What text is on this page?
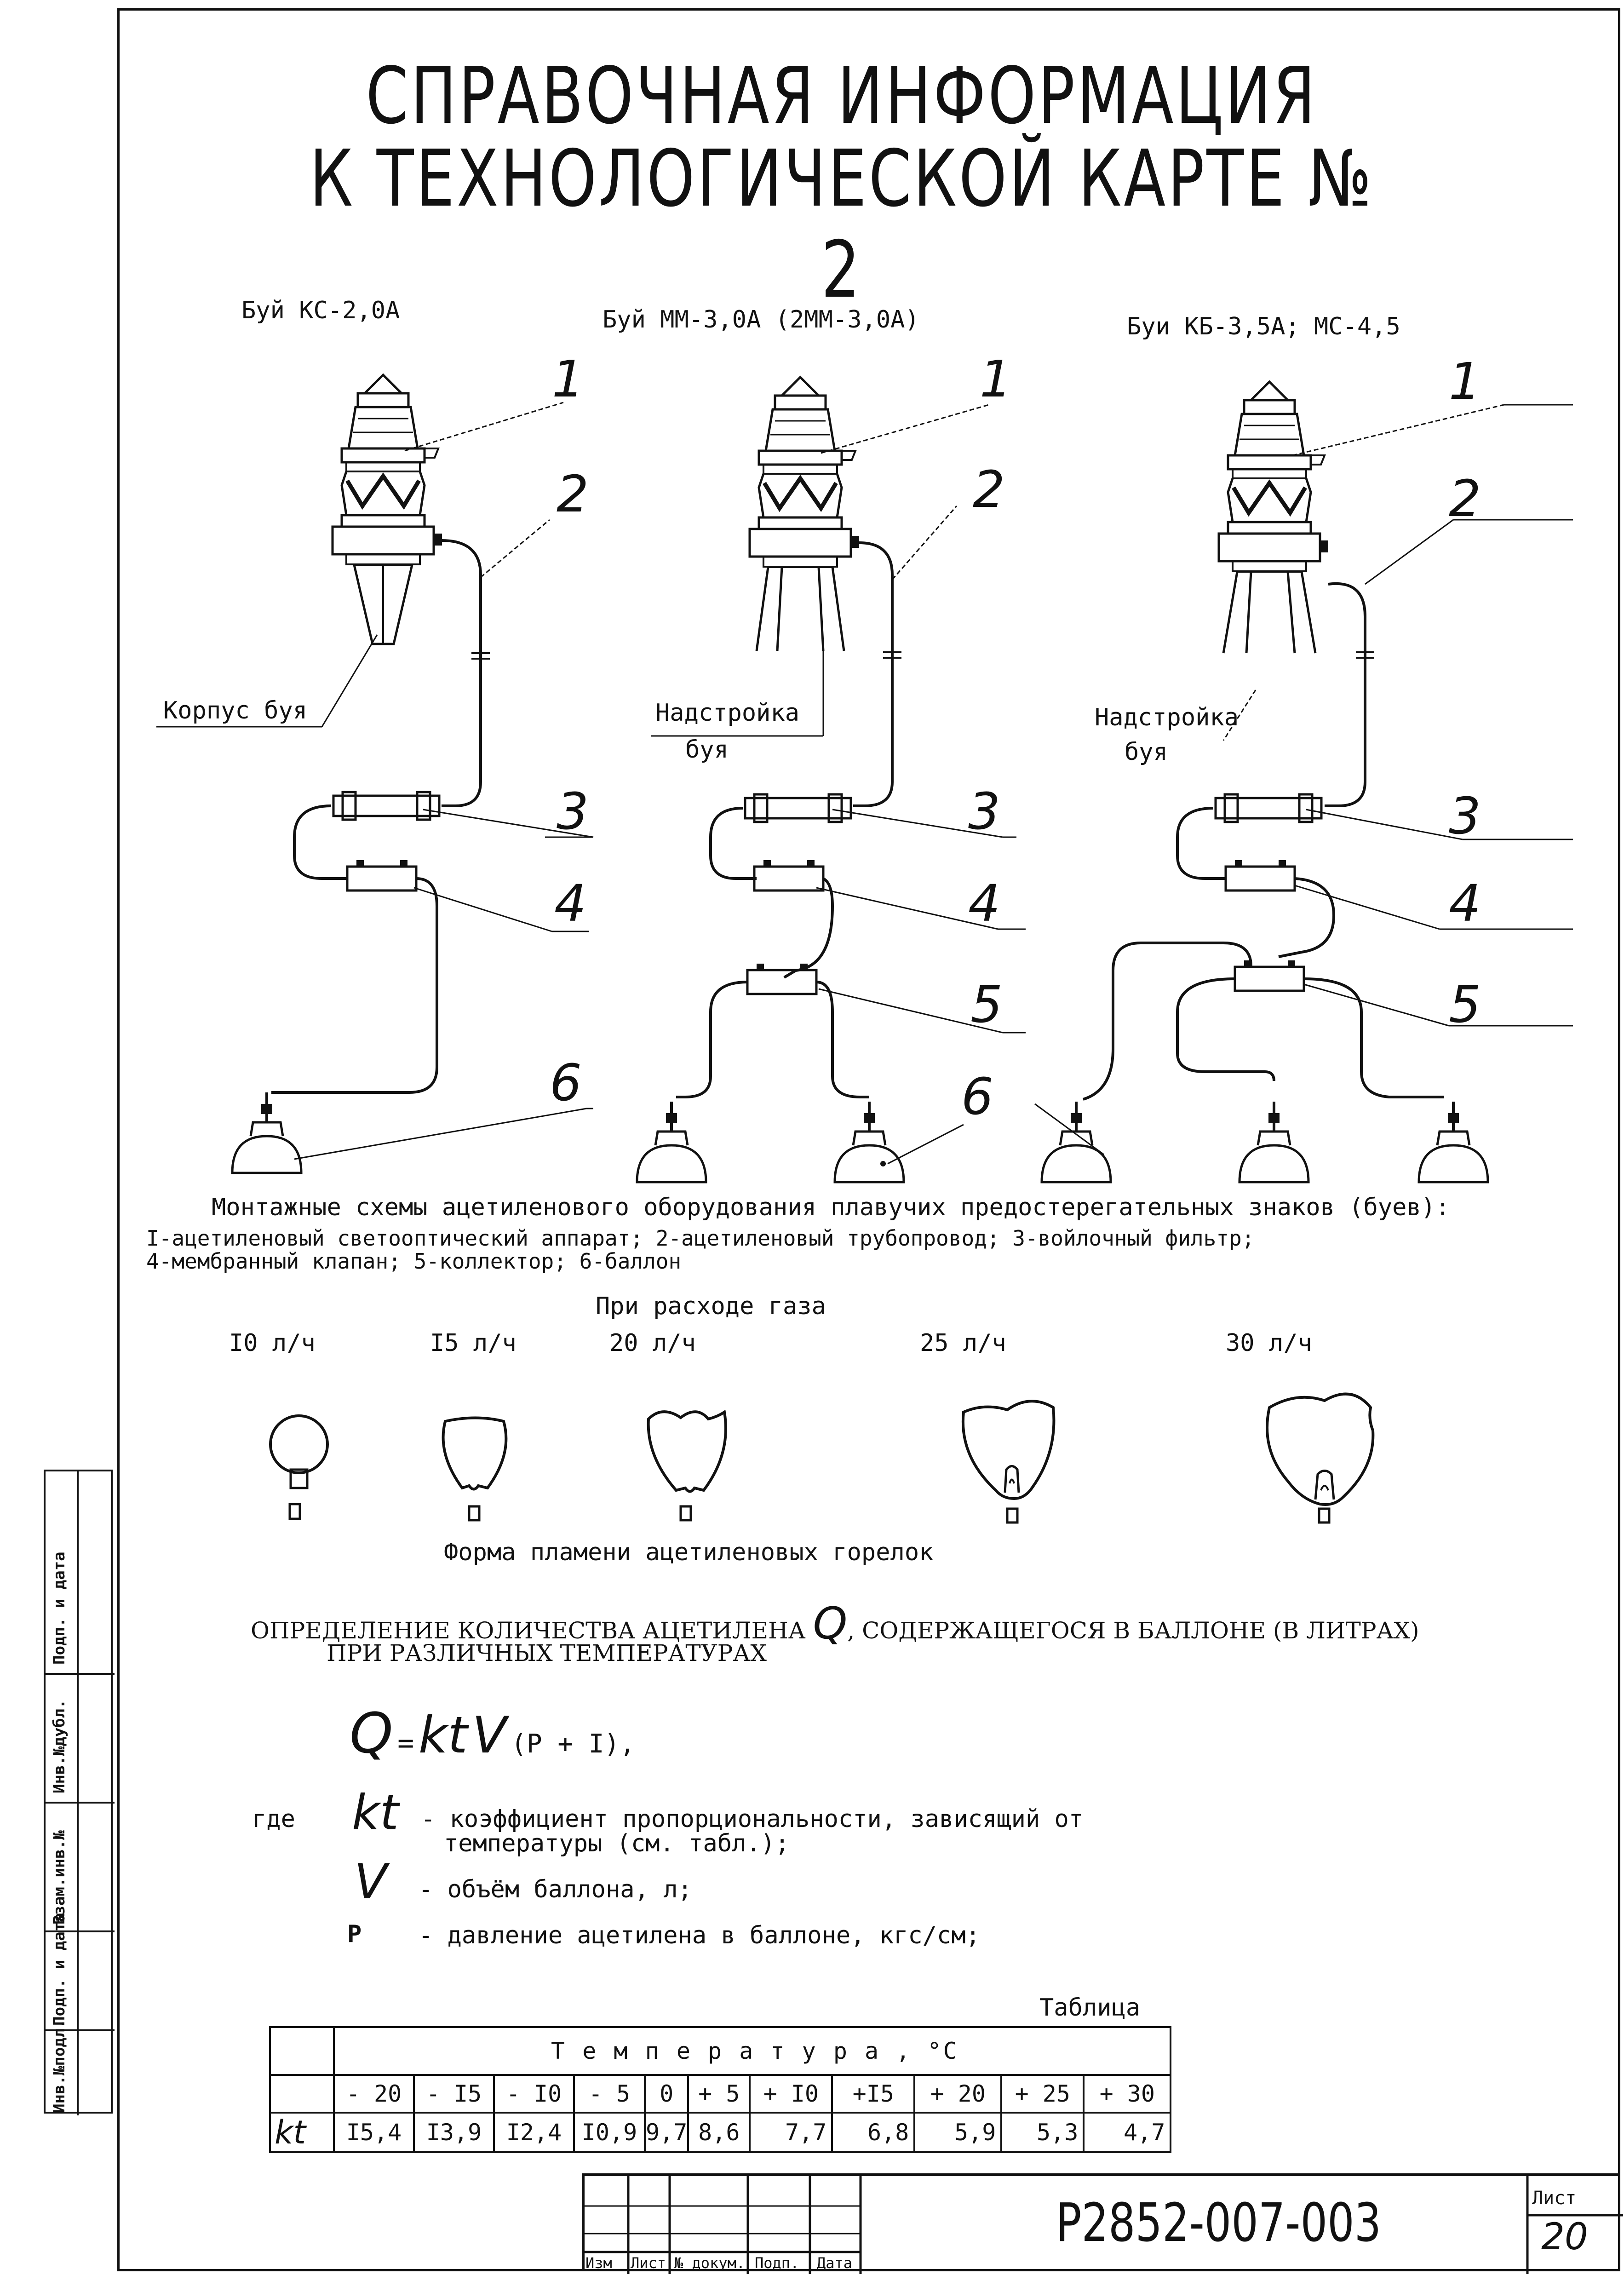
СПРАВОЧНАЯ ИНФОРМАЦИЯ
К ТЕХНОЛОГИЧЕСКОЙ КАРТЕ № 2
Буй КС-2,0А	Буй ММ-3,0А (2ММ-3,0А)	Буи КБ-3,5А; МС-4,5
1
2
3
4
6
Корпус буя
1
2
3
4
5
6
Надстройка
буя
1
2
3
4
5
Надстройка
буя
Монтажные схемы ацетиленового оборудования плавучих предостерегательных знаков (буев):
I-ацетиленовый светооптический аппарат; 2-ацетиленовый трубопровод; 3-войлочный фильтр;
4-мембранный клапан; 5-коллектор; 6-баллон
При расходе газа
I0 л/ч	I5 л/ч	20 л/ч	25 л/ч	30 л/ч
Форма пламени ацетиленовых горелок
ОПРЕДЕЛЕНИЕ КОЛИЧЕСТВА АЦЕТИЛЕНА Q, СОДЕРЖАЩЕГОСЯ В БАЛЛОНЕ (В ЛИТРАХ)
ПРИ РАЗЛИЧНЫХ ТЕМПЕРАТУРАХ
Q = kt V (Р + I),
где kt - коэффициент пропорциональности, зависящий от
температуры (см. табл.);
V - объём баллона, л;
Р - давление ацетилена в баллоне, кгс/см;
Таблица
	Т е м п е р а т у р а , °С										
	- 20	- I5	- I0	- 5	0	+ 5	+ I0	+I5	+ 20	+ 25	+ 30
kt	I5,4	I3,9	I2,4	I0,9	9,7	8,6	7,7	6,8	5,9	5,3	4,7
Изм Лист № докум. Подп. Дата
Р2852-007-003	Лист
20
Подп. и дата
Инв.№дубл.
Взам.инв.№
Подп. и дата
Инв.№подл.
